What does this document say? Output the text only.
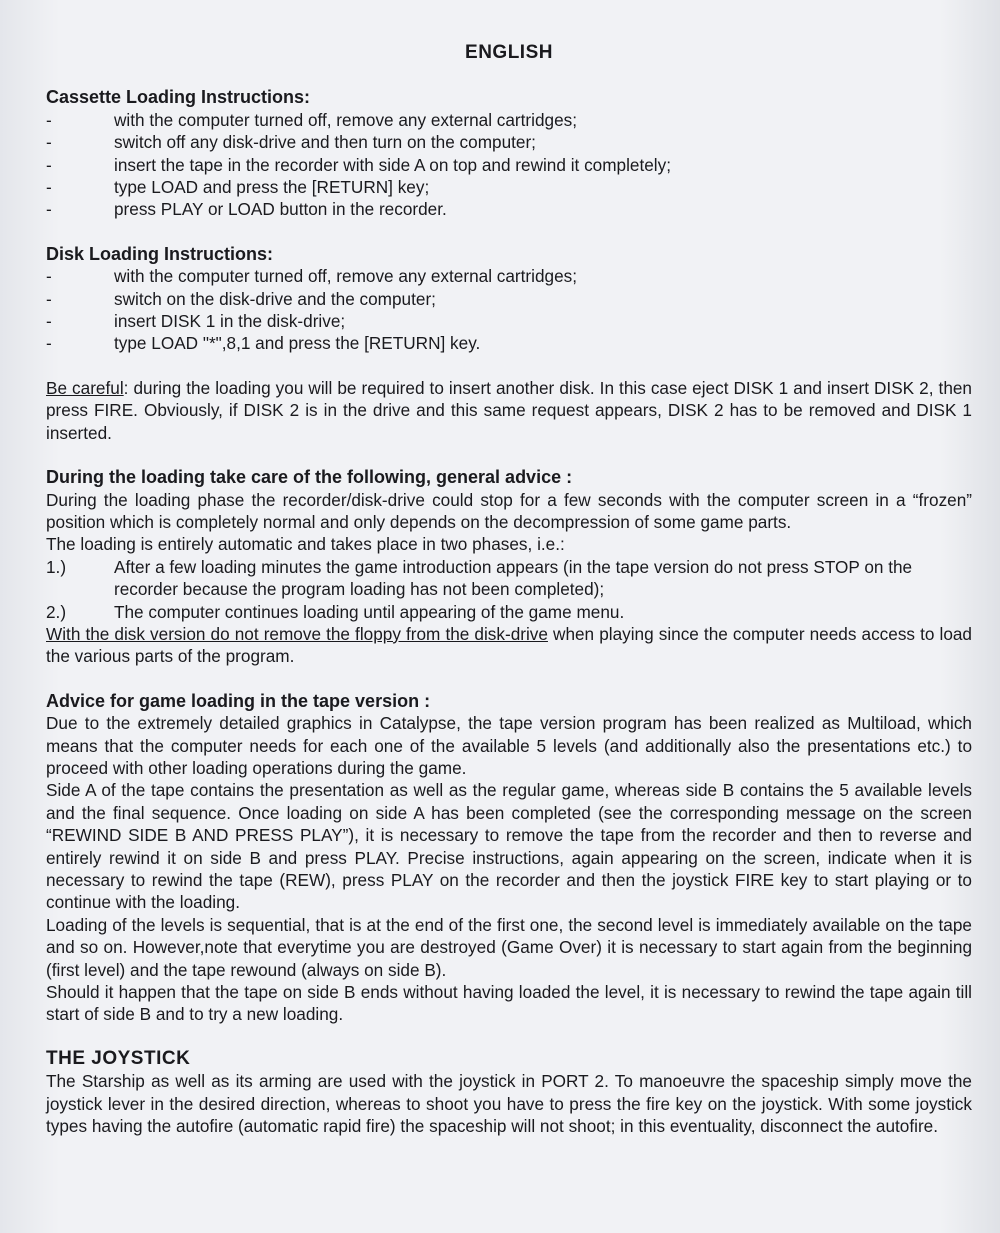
ENGLISH
Cassette Loading Instructions:
-	with the computer turned off, remove any external cartridges;
-	switch off any disk-drive and then turn on the computer;
-	insert the tape in the recorder with side A on top and rewind it completely;
-	type LOAD and press the [RETURN] key;
-	press PLAY or LOAD button in the recorder.
Disk Loading Instructions:
-	with the computer turned off, remove any external cartridges;
-	switch on the disk-drive and the computer;
-	insert DISK 1 in the disk-drive;
-	type LOAD "*",8,1 and press the [RETURN] key.

Be careful: during the loading you will be required to insert another disk. In this case eject DISK 1 and insert DISK 2, then press FIRE. Obviously, if DISK 2 is in the drive and this same request appears, DISK 2 has to be removed and DISK 1 inserted.

During the loading take care of the following, general advice :

During the loading phase the recorder/disk-drive could stop for a few seconds with the computer screen in a “frozen” position which is completely normal and only depends on the decompression of some game parts.

The loading is entirely automatic and takes place in two phases, i.e.:

1.)	After a few loading minutes the game introduction appears (in the tape version do not press STOP on the recorder because the program loading has not been completed);
2.)	The computer continues loading until appearing of the game menu.

With the disk version do not remove the floppy from the disk-drive when playing since the computer needs access to load the various parts of the program.

Advice for game loading in the tape version :

Due to the extremely detailed graphics in Catalypse, the tape version program has been realized as Multiload, which means that the computer needs for each one of the available 5 levels (and additionally also the presentations etc.) to proceed with other loading operations during the game.

Side A of the tape contains the presentation as well as the regular game, whereas side B contains the 5 available levels and the final sequence. Once loading on side A has been completed (see the corresponding message on the screen “REWIND SIDE B AND PRESS PLAY”), it is necessary to remove the tape from the recorder and then to reverse and entirely rewind it on side B and press PLAY. Precise instructions, again appearing on the screen, indicate when it is necessary to rewind the tape (REW), press PLAY on the recorder and then the joystick FIRE key to start playing or to continue with the loading.

Loading of the levels is sequential, that is at the end of the first one, the second level is immediately available on the tape and so on. However,note that everytime you are destroyed (Game Over) it is necessary to start again from the beginning (first level) and the tape rewound (always on side B).

Should it happen that the tape on side B ends without having loaded the level, it is necessary to rewind the tape again till start of side B and to try a new loading.

THE JOYSTICK

The Starship as well as its arming are used with the joystick in PORT 2. To manoeuvre the spaceship simply move the joystick lever in the desired direction, whereas to shoot you have to press the fire key on the joystick. With some joystick types having the autofire (automatic rapid fire) the spaceship will not shoot; in this eventuality, disconnect the autofire.
